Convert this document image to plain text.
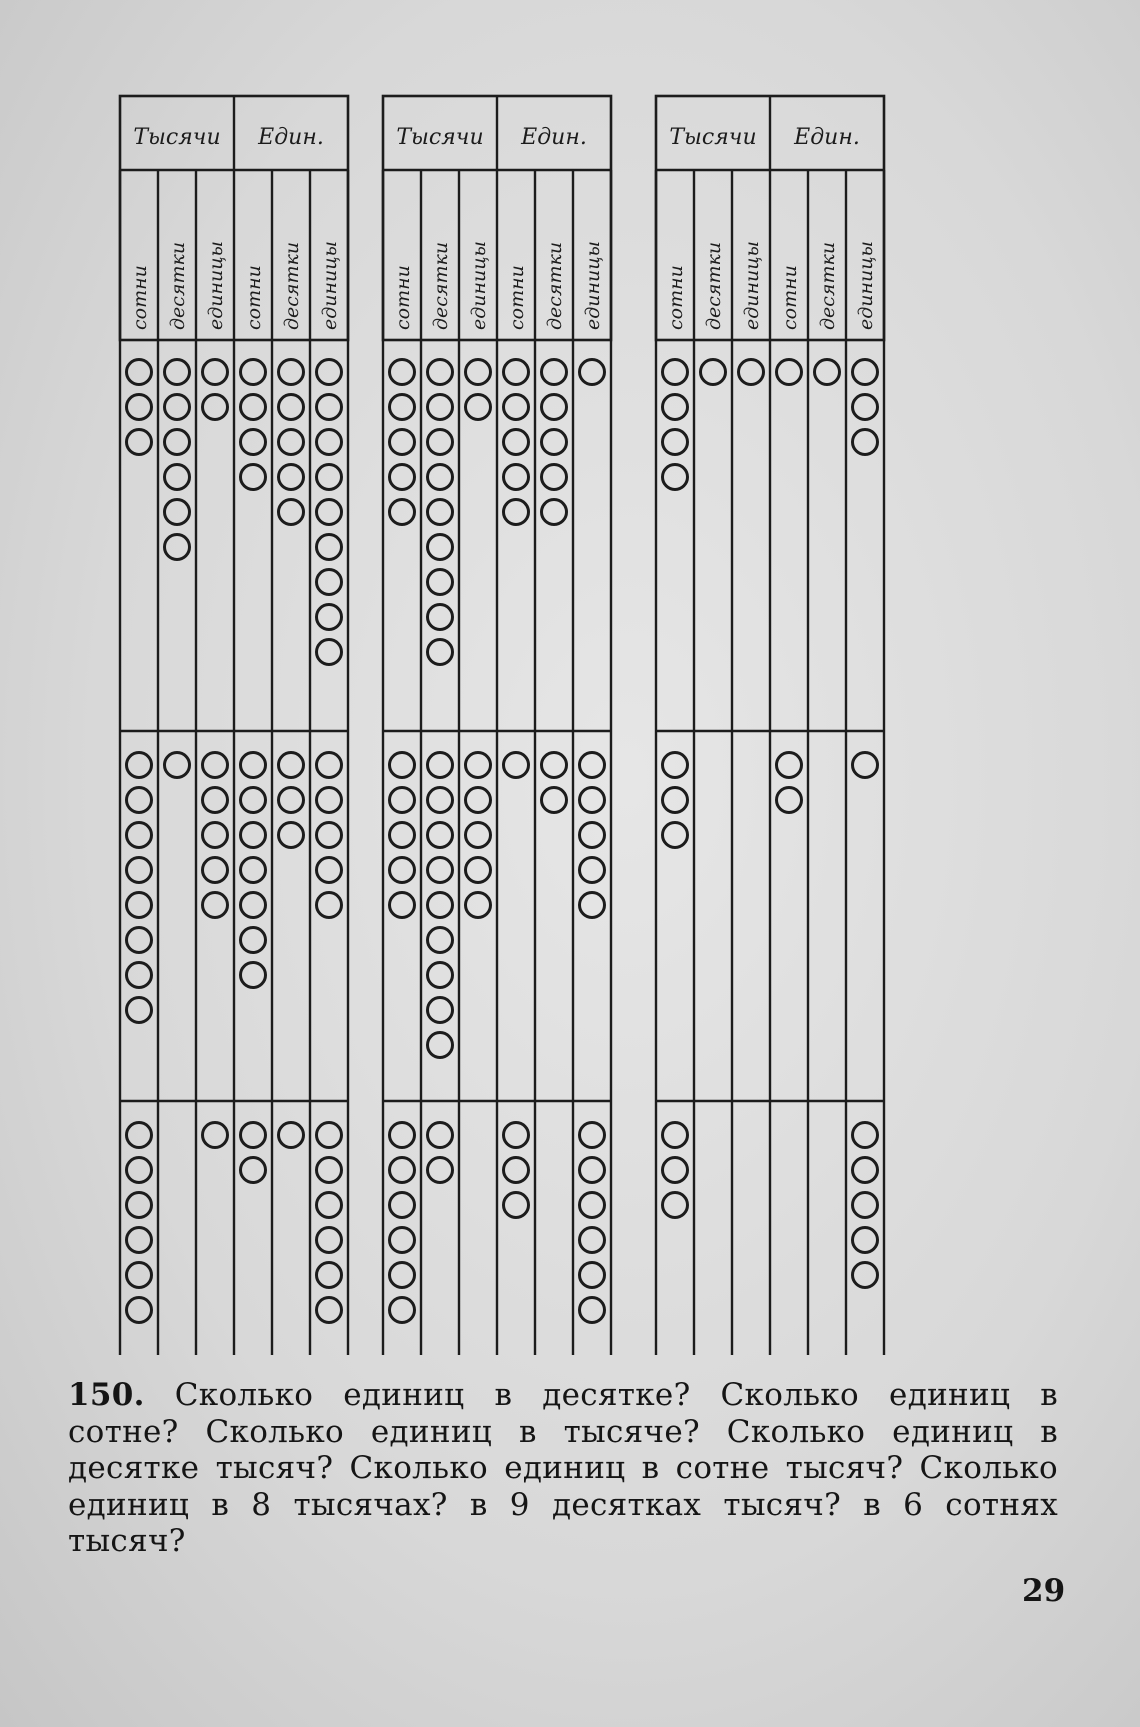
Тысячи Един.
сотни десятки единицы сотни десятки единицы
Тысячи Един.
сотни десятки единицы сотни десятки единицы
Тысячи Един.
сотни десятки единицы сотни десятки единицы
150. Сколько единиц в десятке? Сколько единиц в сотне? Сколько единиц в тысяче? Сколько единиц в десятке тысяч? Сколько единиц в сотне тысяч? Сколько единиц в 8 тысячах? в 9 десятках тысяч? в 6 сотнях тысяч?
29
